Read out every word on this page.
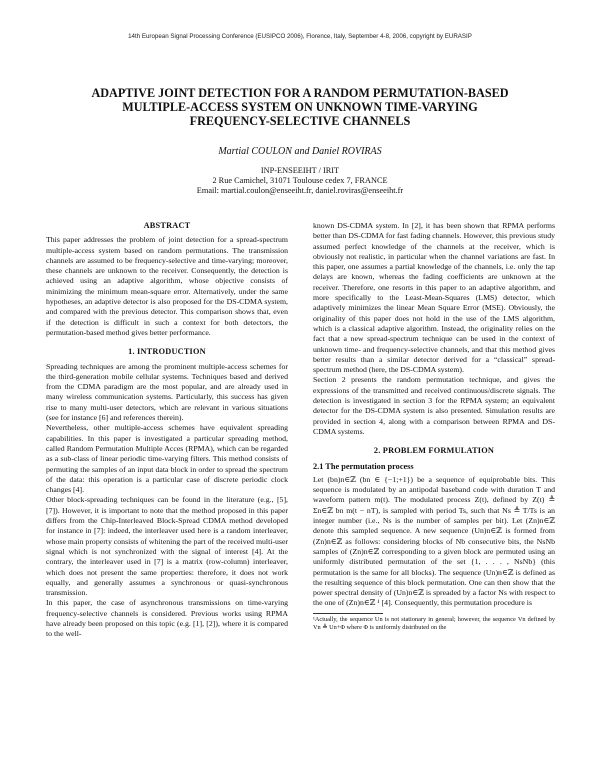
14th European Signal Processing Conference (EUSIPCO 2006), Florence, Italy, September 4-8, 2006, copyright by EURASIP
ADAPTIVE JOINT DETECTION FOR A RANDOM PERMUTATION-BASED
MULTIPLE-ACCESS SYSTEM ON UNKNOWN TIME-VARYING
FREQUENCY-SELECTIVE CHANNELS
Martial COULON and Daniel ROVIRAS
INP-ENSEEIHT / IRIT
2 Rue Camichel, 31071 Toulouse cedex 7, FRANCE
Email: martial.coulon@enseeiht.fr, daniel.roviras@enseeiht.fr
ABSTRACT

This paper addresses the problem of joint detection for a spread-spectrum multiple-access system based on random permutations. The transmission channels are assumed to be frequency-selective and time-varying; moreover, these channels are unknown to the receiver. Consequently, the detection is achieved using an adaptive algorithm, whose objective consists of minimizing the minimum mean-square error. Alternatively, under the same hypotheses, an adaptive detector is also proposed for the DS-CDMA system, and compared with the previous detector. This comparison shows that, even if the detection is difficult in such a context for both detectors, the permutation-based method gives better performance.

1. INTRODUCTION

Spreading techniques are among the prominent multiple-access schemes for the third-generation mobile cellular systems. Techniques based and derived from the CDMA paradigm are the most popular, and are already used in many wireless communication systems. Particularly, this success has given rise to many multi-user detectors, which are relevant in various situations (see for instance [6] and references therein).

Nevertheless, other multiple-access schemes have equivalent spreading capabilities. In this paper is investigated a particular spreading method, called Random Permutation Multiple Acces (RPMA), which can be regarded as a sub-class of linear periodic time-varying filters. This method consists of permuting the samples of an input data block in order to spread the spectrum of the data: this operation is a particular case of discrete periodic clock changes [4].

Other block-spreading techniques can be found in the literature (e.g., [5], [7]). However, it is important to note that the method proposed in this paper differs from the Chip-Interleaved Block-Spread CDMA method developed for instance in [7]: indeed, the interleaver used here is a random interleaver, whose main property consists of whitening the part of the received multi-user signal which is not synchronized with the signal of interest [4]. At the contrary, the interleaver used in [7] is a matrix (row-column) interleaver, which does not present the same properties: therefore, it does not work equally, and generally assumes a synchronous or quasi-synchronous transmission.

In this paper, the case of asynchronous transmissions on time-varying frequency-selective channels is considered. Previous works using RPMA have already been proposed on this topic (e.g. [1], [2]), where it is compared to the well-

known DS-CDMA system. In [2], it has been shown that RPMA performs better than DS-CDMA for fast fading channels. However, this previous study assumed perfect knowledge of the channels at the receiver, which is obviously not realistic, in particular when the channel variations are fast. In this paper, one assumes a partial knowledge of the channels, i.e. only the tap delays are known, whereas the fading coefficients are unknown at the receiver. Therefore, one resorts in this paper to an adaptive algorithm, and more specifically to the Least-Mean-Squares (LMS) detector, which adaptively minimizes the linear Mean Square Error (MSE). Obviously, the originality of this paper does not hold in the use of the LMS algorithm, which is a classical adaptive algorithm. Instead, the originality relies on the fact that a new spread-spectrum technique can be used in the context of unknown time- and frequency-selective channels, and that this method gives better results than a similar detector derived for a “classical” spread-spectrum method (here, the DS-CDMA system).

Section 2 presents the random permutation technique, and gives the expressions of the transmitted and received continuous/discrete signals. The detection is investigated in section 3 for the RPMA system; an equivalent detector for the DS-CDMA system is also presented. Simulation results are provided in section 4, along with a comparison between RPMA and DS-CDMA systems.

2. PROBLEM FORMULATION
2.1 The permutation process

Let (bn)n∈ℤ (bn ∈ {−1;+1}) be a sequence of equiprobable bits. This sequence is modulated by an antipodal baseband code with duration T and waveform pattern m(t). The modulated process Z(t), defined by Z(t) ≜ Σn∈ℤ bn m(t − nT), is sampled with period Ts, such that Ns ≜ T/Ts is an integer number (i.e., Ns is the number of samples per bit). Let (Zn)n∈ℤ denote this sampled sequence. A new sequence (Un)n∈ℤ is formed from (Zn)n∈ℤ as follows: considering blocks of Nb consecutive bits, the NsNb samples of (Zn)n∈ℤ corresponding to a given block are permuted using an uniformly distributed permutation of the set {1, . . . , NsNb} (this permutation is the same for all blocks). The sequence (Un)n∈ℤ is defined as the resulting sequence of this block permutation. One can then show that the power spectral density of (Un)n∈ℤ is spreaded by a factor Ns with respect to the one of (Zn)n∈ℤ ¹ [4]. Consequently, this permutation procedure is

¹Actually, the sequence Un is not stationary in general; however, the sequence Vn defined by Vn ≜ Un+Φ where Φ is uniformly distributed on the
